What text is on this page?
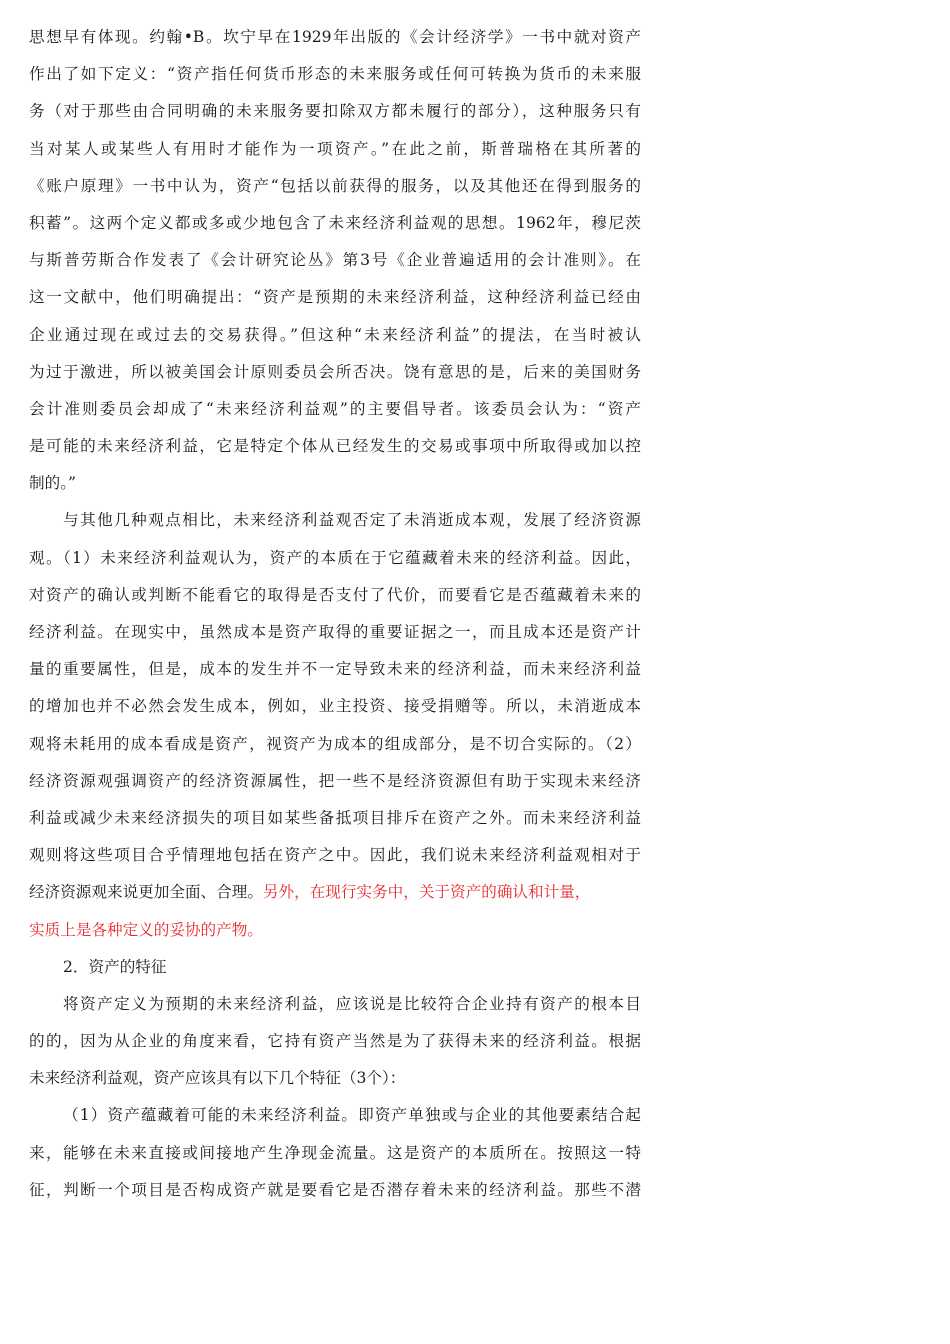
思想早有体现。约翰•B。坎宁早在1929年出版的《会计经济学》一书中就对资产
作出了如下定义：“资产指任何货币形态的未来服务或任何可转换为货币的未来服
务（对于那些由合同明确的未来服务要扣除双方都未履行的部分），这种服务只有
当对某人或某些人有用时才能作为一项资产。”在此之前，斯普瑞格在其所著的
《账户原理》一书中认为，资产“包括以前获得的服务，以及其他还在得到服务的
积蓄”。这两个定义都或多或少地包含了未来经济利益观的思想。1962年，穆尼茨
与斯普劳斯合作发表了《会计研究论丛》第3号《企业普遍适用的会计准则》。在
这一文献中，他们明确提出：“资产是预期的未来经济利益，这种经济利益已经由
企业通过现在或过去的交易获得。”但这种“未来经济利益”的提法，在当时被认
为过于激进，所以被美国会计原则委员会所否决。饶有意思的是，后来的美国财务
会计准则委员会却成了“未来经济利益观”的主要倡导者。该委员会认为：“资产
是可能的未来经济利益，它是特定个体从已经发生的交易或事项中所取得或加以控
制的。”
与其他几种观点相比，未来经济利益观否定了未消逝成本观，发展了经济资源
观。（1）未来经济利益观认为，资产的本质在于它蕴藏着未来的经济利益。因此，
对资产的确认或判断不能看它的取得是否支付了代价，而要看它是否蕴藏着未来的
经济利益。在现实中，虽然成本是资产取得的重要证据之一，而且成本还是资产计
量的重要属性，但是，成本的发生并不一定导致未来的经济利益，而未来经济利益
的增加也并不必然会发生成本，例如，业主投资、接受捐赠等。所以，未消逝成本
观将未耗用的成本看成是资产，视资产为成本的组成部分，是不切合实际的。（2）
经济资源观强调资产的经济资源属性，把一些不是经济资源但有助于实现未来经济
利益或减少未来经济损失的项目如某些备抵项目排斥在资产之外。而未来经济利益
观则将这些项目合乎情理地包括在资产之中。因此，我们说未来经济利益观相对于
经济资源观来说更加全面、合理。另外，在现行实务中，关于资产的确认和计量，
实质上是各种定义的妥协的产物。
2．资产的特征
将资产定义为预期的未来经济利益，应该说是比较符合企业持有资产的根本目
的的，因为从企业的角度来看，它持有资产当然是为了获得未来的经济利益。根据
未来经济利益观，资产应该具有以下几个特征（3个）：
（1）资产蕴藏着可能的未来经济利益。即资产单独或与企业的其他要素结合起
来，能够在未来直接或间接地产生净现金流量。这是资产的本质所在。按照这一特
征，判断一个项目是否构成资产就是要看它是否潜存着未来的经济利益。那些不潜
